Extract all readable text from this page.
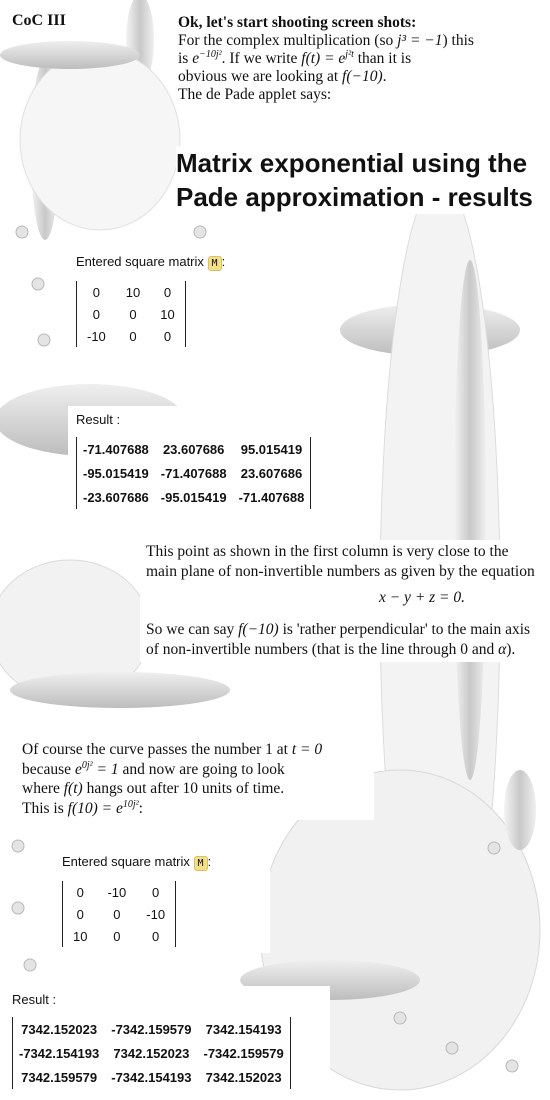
CoC III	Ok, let's start shooting screen shots:
For the complex multiplication (so j³ = −1) this
is $e^{-10j^2}$. If we write $f(t) = e^{j^2t}$ than it is
obvious we are looking at f(−10).
The de Pade applet says:
Matrix exponential using the
Pade approximation - results
Entered square matrix M :
0	10	0
0	0	10
-10	0	0
Result :
-71.407688	23.607686	95.015419
-95.015419	-71.407688	23.607686
-23.607686	-95.015419	-71.407688
This point as shown in the first column is very close to the main plane of non-invertible numbers as given by the equation
x − y + z = 0.
So we can say f(−10) is 'rather perpendicular' to the main axis of non-invertible numbers (that is the line through 0 and α).
Of course the curve passes the number 1 at t = 0
because $e^{0j^2} = 1$ and now are going to look
where f(t) hangs out after 10 units of time.
This is $f(10) = e^{10j^2}$:
Entered square matrix M :
0	-10	0
0	0	-10
10	0	0
Result :
7342.152023	-7342.159579	7342.154193
-7342.154193	7342.152023	-7342.159579
7342.159579	-7342.154193	7342.152023
